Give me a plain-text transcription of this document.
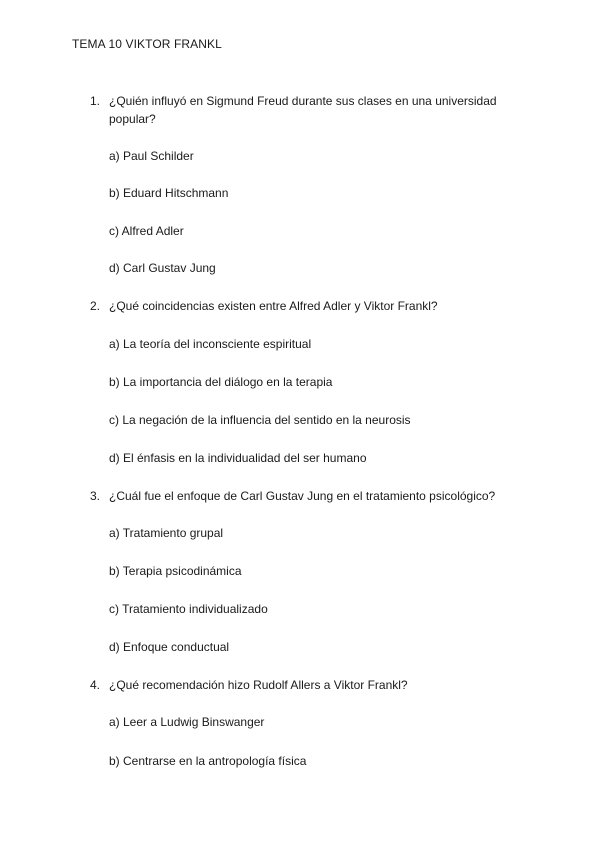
TEMA 10 VIKTOR FRANKL
1. ¿Quién influyó en Sigmund Freud durante sus clases en una universidad popular?
a) Paul Schilder
b) Eduard Hitschmann
c) Alfred Adler
d) Carl Gustav Jung
2. ¿Qué coincidencias existen entre Alfred Adler y Viktor Frankl?
a) La teoría del inconsciente espiritual
b) La importancia del diálogo en la terapia
c) La negación de la influencia del sentido en la neurosis
d) El énfasis en la individualidad del ser humano
3. ¿Cuál fue el enfoque de Carl Gustav Jung en el tratamiento psicológico?
a) Tratamiento grupal
b) Terapia psicodinámica
c) Tratamiento individualizado
d) Enfoque conductual
4. ¿Qué recomendación hizo Rudolf Allers a Viktor Frankl?
a) Leer a Ludwig Binswanger
b) Centrarse en la antropología física
